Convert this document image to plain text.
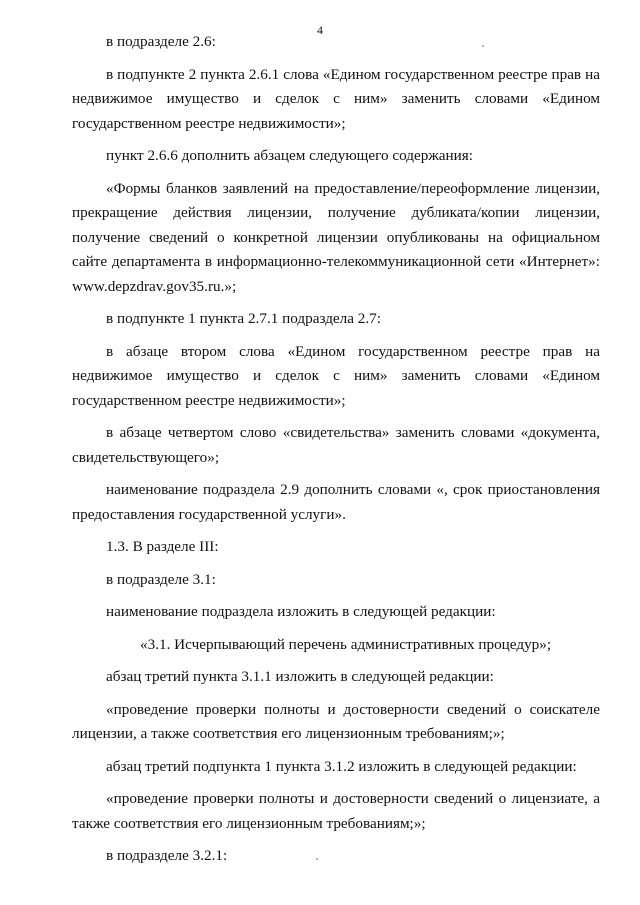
4

в подразделе 2.6:

в подпункте 2 пункта 2.6.1 слова «Едином государственном реестре прав на недвижимое имущество и сделок с ним» заменить словами «Едином государственном реестре недвижимости»;

пункт 2.6.6 дополнить абзацем следующего содержания:

«Формы бланков заявлений на предоставление/переоформление лицензии, прекращение действия лицензии, получение дубликата/копии лицензии, получение сведений о конкретной лицензии опубликованы на официальном сайте департамента в информационно-телекоммуникационной сети «Интернет»: www.depzdrav.gov35.ru.»;

в подпункте 1 пункта 2.7.1 подраздела 2.7:

в абзаце втором слова «Едином государственном реестре прав на недвижимое имущество и сделок с ним» заменить словами «Едином государственном реестре недвижимости»;

в абзаце четвертом слово «свидетельства» заменить словами «документа, свидетельствующего»;

наименование подраздела 2.9 дополнить словами «, срок приостановления предоставления государственной услуги».

1.3. В разделе III:

в подразделе 3.1:

наименование подраздела изложить в следующей редакции:

«3.1. Исчерпывающий перечень административных процедур»;

абзац третий пункта 3.1.1 изложить в следующей редакции:

«проведение проверки полноты и достоверности сведений о соискателе лицензии, а также соответствия его лицензионным требованиям;»;

абзац третий подпункта 1 пункта 3.1.2 изложить в следующей редакции:

«проведение проверки полноты и достоверности сведений о лицензиате, а также соответствия его лицензионным требованиям;»;

в подразделе 3.2.1:
